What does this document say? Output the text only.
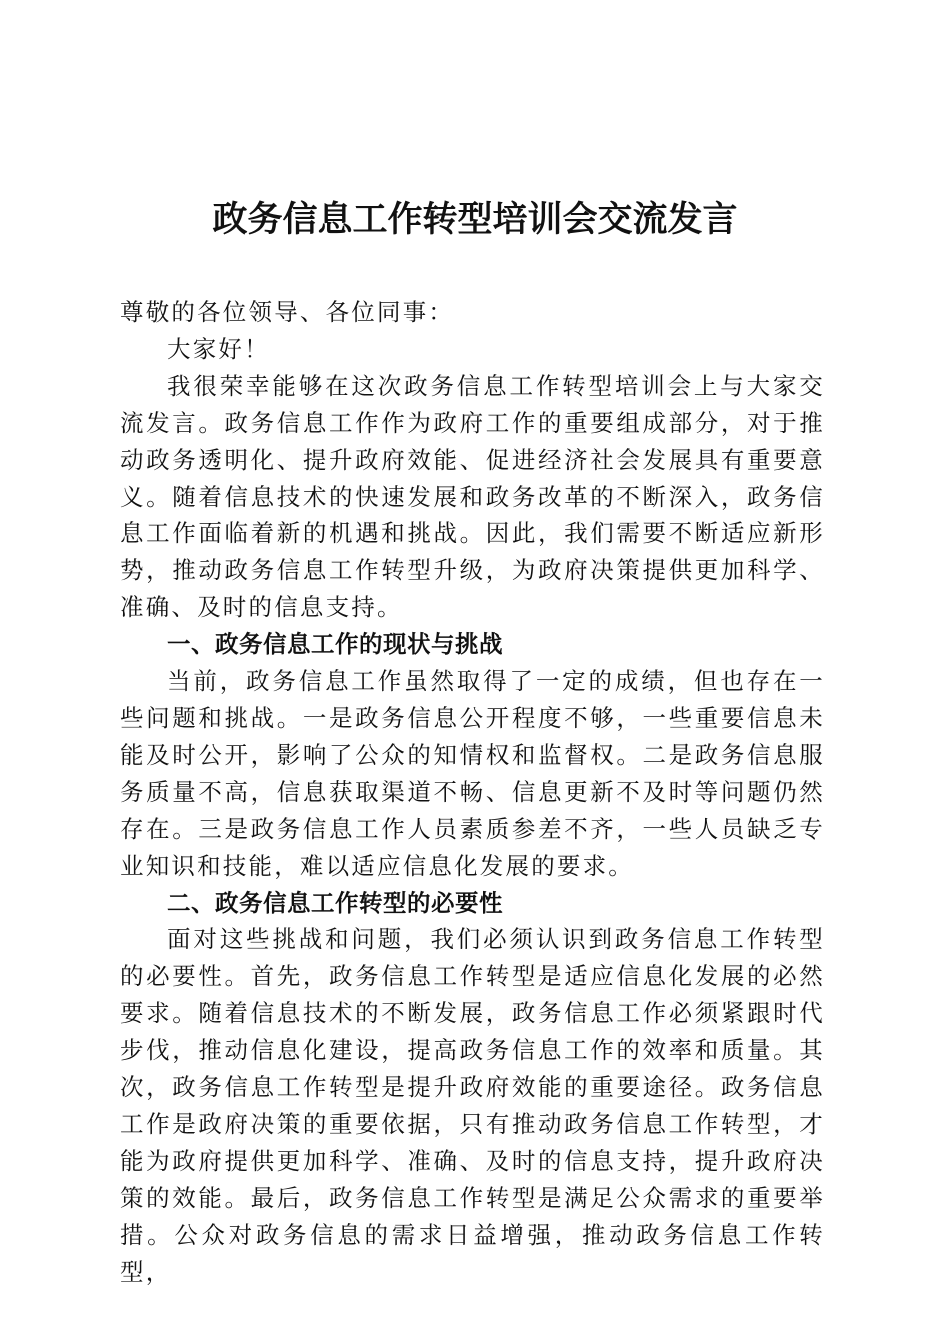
政务信息工作转型培训会交流发言

尊敬的各位领导、各位同事：

大家好！

我很荣幸能够在这次政务信息工作转型培训会上与大家交流发言。政务信息工作作为政府工作的重要组成部分，对于推动政务透明化、提升政府效能、促进经济社会发展具有重要意义。随着信息技术的快速发展和政务改革的不断深入，政务信息工作面临着新的机遇和挑战。因此，我们需要不断适应新形势，推动政务信息工作转型升级，为政府决策提供更加科学、准确、及时的信息支持。

一、政务信息工作的现状与挑战

当前，政务信息工作虽然取得了一定的成绩，但也存在一些问题和挑战。一是政务信息公开程度不够，一些重要信息未能及时公开，影响了公众的知情权和监督权。二是政务信息服务质量不高，信息获取渠道不畅、信息更新不及时等问题仍然存在。三是政务信息工作人员素质参差不齐，一些人员缺乏专业知识和技能，难以适应信息化发展的要求。

二、政务信息工作转型的必要性

面对这些挑战和问题，我们必须认识到政务信息工作转型的必要性。首先，政务信息工作转型是适应信息化发展的必然要求。随着信息技术的不断发展，政务信息工作必须紧跟时代步伐，推动信息化建设，提高政务信息工作的效率和质量。其次，政务信息工作转型是提升政府效能的重要途径。政务信息工作是政府决策的重要依据，只有推动政务信息工作转型，才能为政府提供更加科学、准确、及时的信息支持，提升政府决策的效能。最后，政务信息工作转型是满足公众需求的重要举措。公众对政务信息的需求日益增强，推动政务信息工作转型，
